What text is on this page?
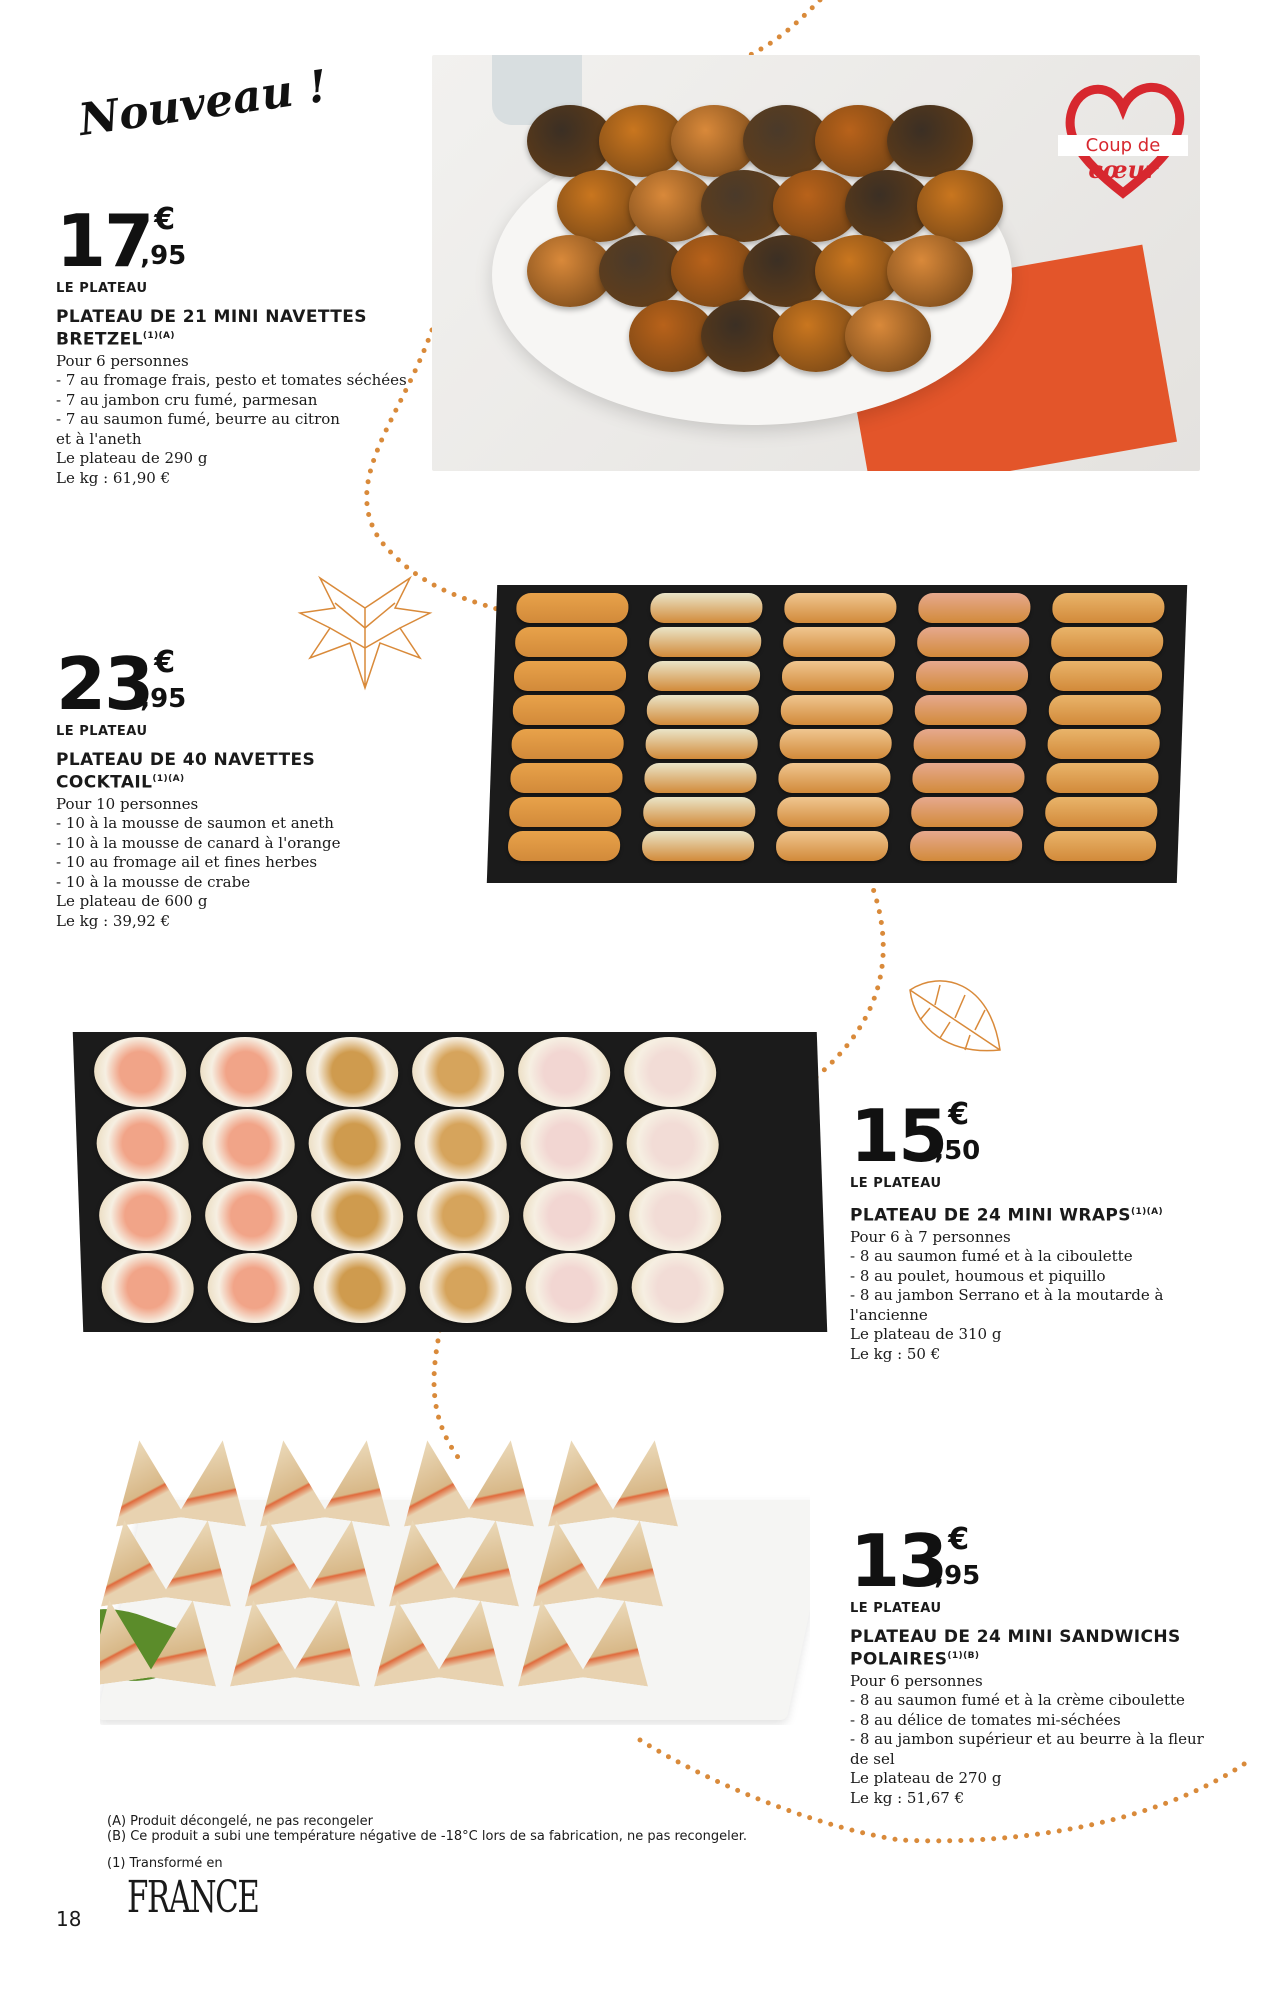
Nouveau !
17 €
,95
LE PLATEAU
PLATEAU DE 21 MINI NAVETTES
$BRETZEL^{(1)(A)}$
Pour 6 personnes
- 7 au fromage frais, pesto et tomates séchées
- 7 au jambon cru fumé, parmesan
- 7 au saumon fumé, beurre au citron
et à l'aneth
Le plateau de 290 g
Le kg : 61,90 €
Coup de
cœur
23 €
,95
LE PLATEAU
PLATEAU DE 40 NAVETTES
$COCKTAIL^{(1)(A)}$
Pour 10 personnes
- 10 à la mousse de saumon et aneth
- 10 à la mousse de canard à l'orange
- 10 au fromage ail et fines herbes
- 10 à la mousse de crabe
Le plateau de 600 g
Le kg : 39,92 €
15 €
,50
LE PLATEAU
PLATEAU DE 24 MINI $WRAPS^{(1)(A)}$
Pour 6 à 7 personnes
- 8 au saumon fumé et à la ciboulette
- 8 au poulet, houmous et piquillo
- 8 au jambon Serrano et à la moutarde à
l'ancienne
Le plateau de 310 g
Le kg : 50 €
13 €
,95
LE PLATEAU
PLATEAU DE 24 MINI SANDWICHS
$POLAIRES^{(1)(B)}$
Pour 6 personnes
- 8 au saumon fumé et à la crème ciboulette
- 8 au délice de tomates mi-séchées
- 8 au jambon supérieur et au beurre à la fleur
de sel
Le plateau de 270 g
Le kg : 51,67 €
(A) Produit décongelé, ne pas recongeler
(B) Ce produit a subi une température négative de -18°C lors de sa fabrication, ne pas recongeler.
(1) Transformé en
FRANCE
18
